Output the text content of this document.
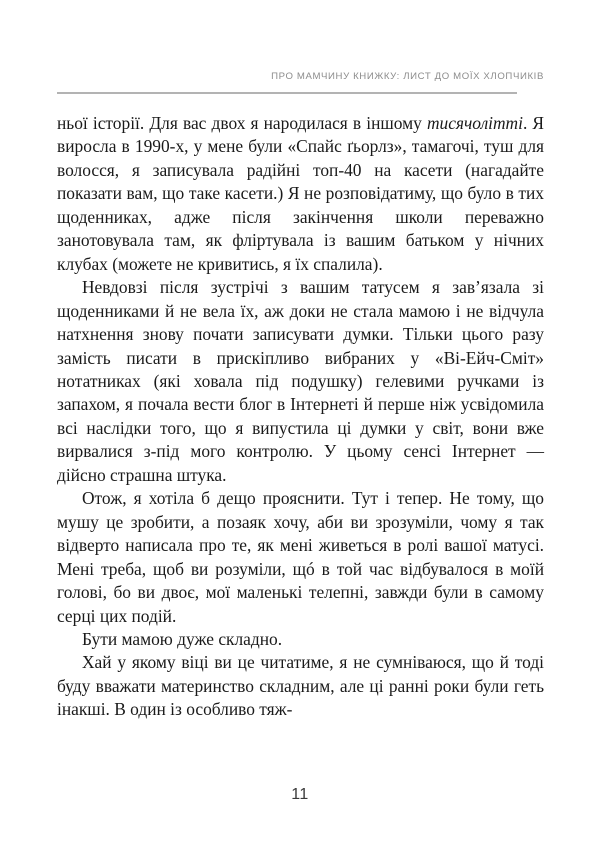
ПРО МАМЧИНУ КНИЖКУ: ЛИСТ ДО МОЇХ ХЛОПЧИКІВ

ньої історії. Для вас двох я народилася в іншому тисячолітті. Я виросла в 1990-х, у мене були «Спайс ґьорлз», тамагочі, туш для волосся, я записувала радійні топ-40 на касети (нагадайте показати вам, що таке касети.) Я не розповідатиму, що було в тих щоденниках, адже після закінчення школи переважно занотовувала там, як фліртувала із вашим батьком у нічних клубах (можете не кривитись, я їх спалила).

Невдовзі після зустрічі з вашим татусем я зав’язала зі щоденниками й не вела їх, аж доки не стала мамою і не відчула натхнення знову почати записувати думки. Тільки цього разу замість писати в прискіпливо вибраних у «Ві-Ейч-Сміт» нотатниках (які ховала під подушку) гелевими ручками із запахом, я почала вести блог в Інтернеті й перше ніж усвідомила всі наслідки того, що я випустила ці думки у світ, вони вже вирвалися з-під мого контролю. У цьому сенсі Інтернет — дійсно страшна штука.

Отож, я хотіла б дещо прояснити. Тут і тепер. Не тому, що мушу це зробити, а позаяк хочу, аби ви зрозуміли, чому я так відверто написала про те, як мені живеться в ролі вашої матусі. Мені треба, щоб ви розуміли, щó в той час відбувалося в моїй голові, бо ви двоє, мої маленькі телепні, завжди були в самому серці цих подій.

Бути мамою дуже складно.

Хай у якому віці ви це читатиме, я не сумніваюся, що й тоді буду вважати материнство складним, але ці ранні роки були геть інакші. В один із особливо тяж-

11
